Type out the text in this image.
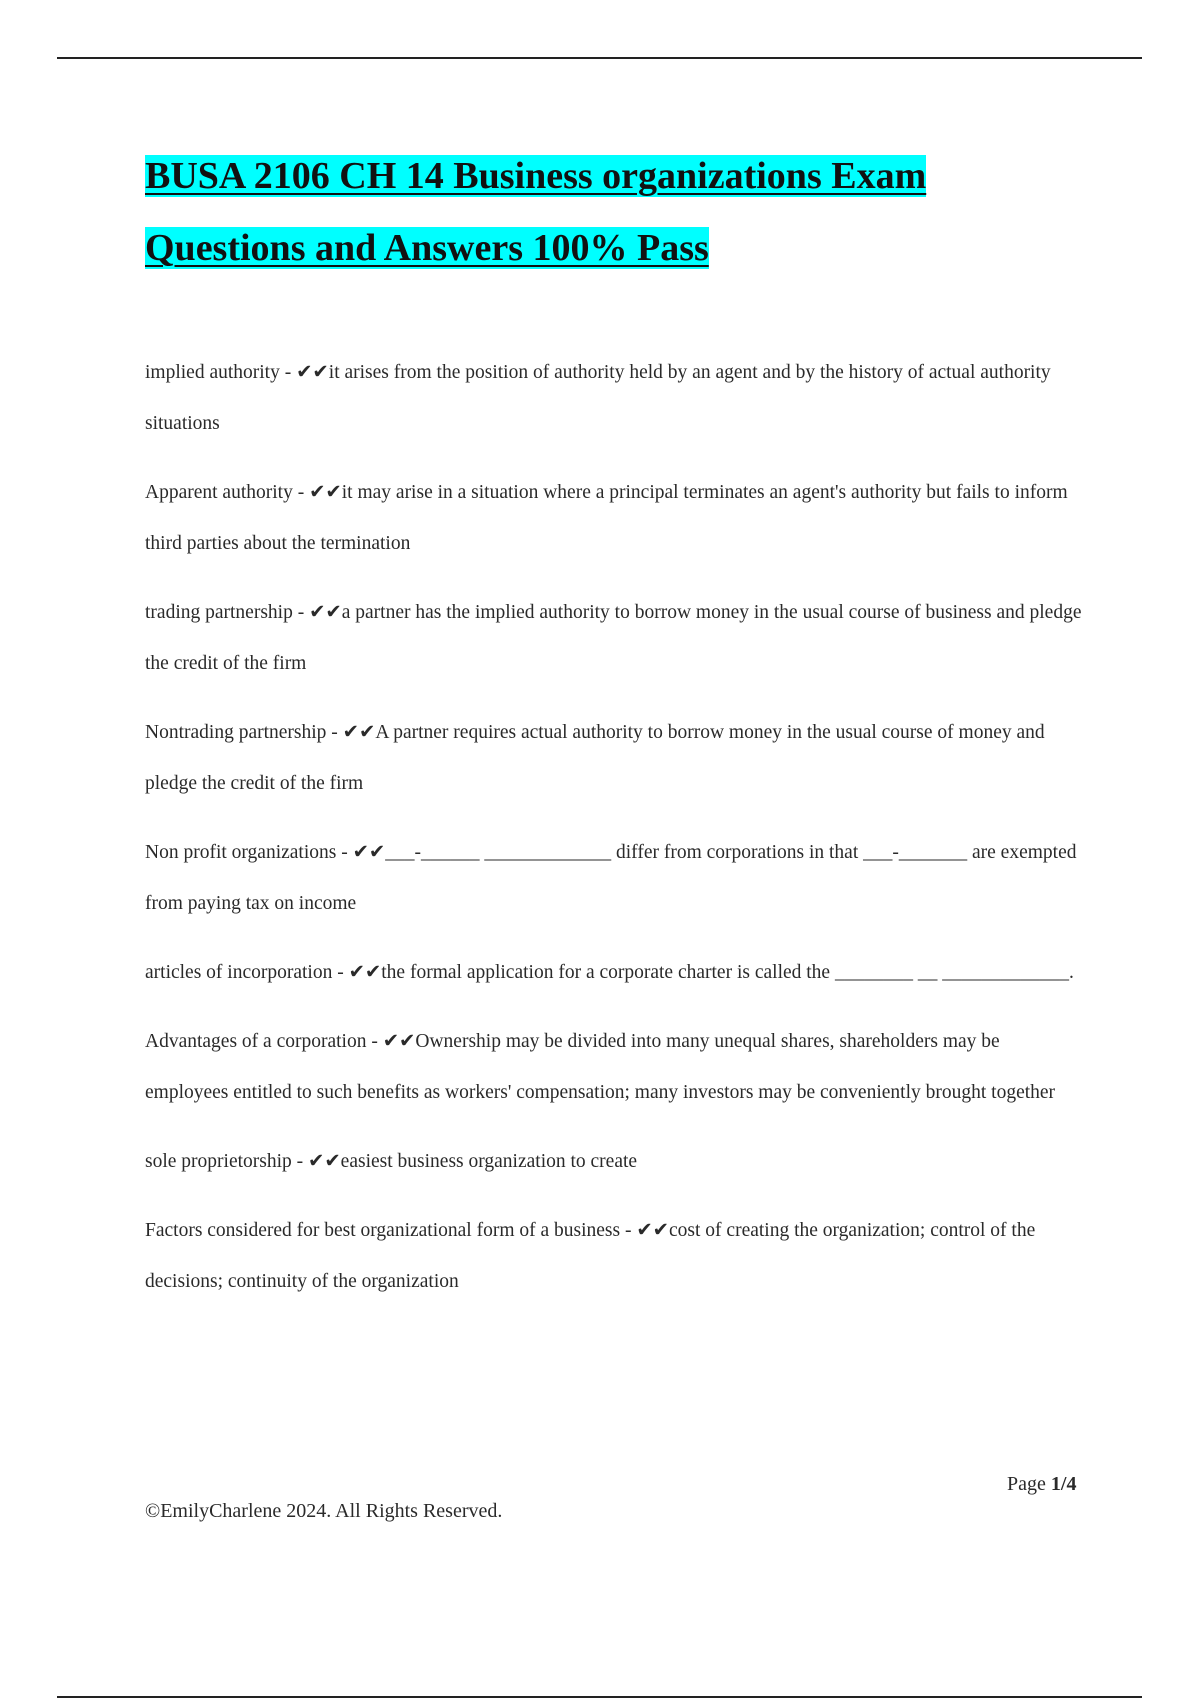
BUSA 2106 CH 14 Business organizations Exam Questions and Answers 100% Pass

implied authority - ✔✔it arises from the position of authority held by an agent and by the history of actual authority situations

Apparent authority - ✔✔it may arise in a situation where a principal terminates an agent's authority but fails to inform third parties about the termination

trading partnership - ✔✔a partner has the implied authority to borrow money in the usual course of business and pledge the credit of the firm

Nontrading partnership - ✔✔A partner requires actual authority to borrow money in the usual course of money and pledge the credit of the firm

Non profit organizations - ✔✔___-______ _____________ differ from corporations in that ___-_______ are exempted from paying tax on income

articles of incorporation - ✔✔the formal application for a corporate charter is called the ________ __ _____________.

Advantages of a corporation - ✔✔Ownership may be divided into many unequal shares, shareholders may be employees entitled to such benefits as workers' compensation; many investors may be conveniently brought together

sole proprietorship - ✔✔easiest business organization to create

Factors considered for best organizational form of a business - ✔✔cost of creating the organization; control of the decisions; continuity of the organization

Page 1/4
©EmilyCharlene 2024. All Rights Reserved.
